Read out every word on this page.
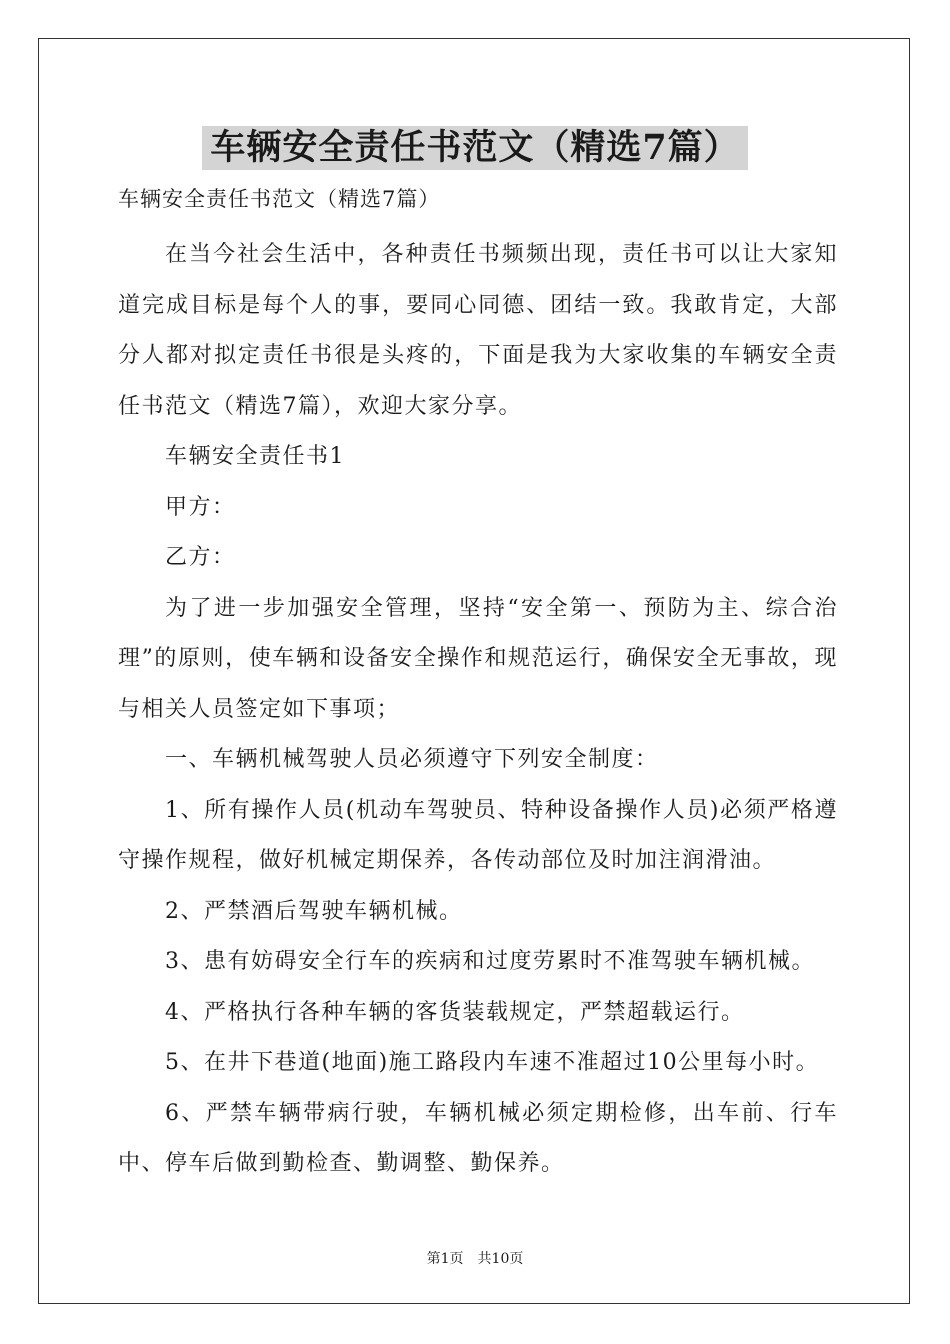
车辆安全责任书范文（精选7篇）
车辆安全责任书范文（精选7篇）

在当今社会生活中，各种责任书频频出现，责任书可以让大家知道完成目标是每个人的事，要同心同德、团结一致。我敢肯定，大部分人都对拟定责任书很是头疼的，下面是我为大家收集的车辆安全责任书范文（精选7篇），欢迎大家分享。

车辆安全责任书1

甲方：

乙方：

为了进一步加强安全管理，坚持“安全第一、预防为主、综合治理”的原则，使车辆和设备安全操作和规范运行，确保安全无事故，现与相关人员签定如下事项；

一、车辆机械驾驶人员必须遵守下列安全制度：

1、所有操作人员(机动车驾驶员、特种设备操作人员)必须严格遵守操作规程，做好机械定期保养，各传动部位及时加注润滑油。

2、严禁酒后驾驶车辆机械。

3、患有妨碍安全行车的疾病和过度劳累时不准驾驶车辆机械。

4、严格执行各种车辆的客货装载规定，严禁超载运行。

5、在井下巷道(地面)施工路段内车速不准超过10公里每小时。

6、严禁车辆带病行驶，车辆机械必须定期检修，出车前、行车中、停车后做到勤检查、勤调整、勤保养。

第1页　共10页
